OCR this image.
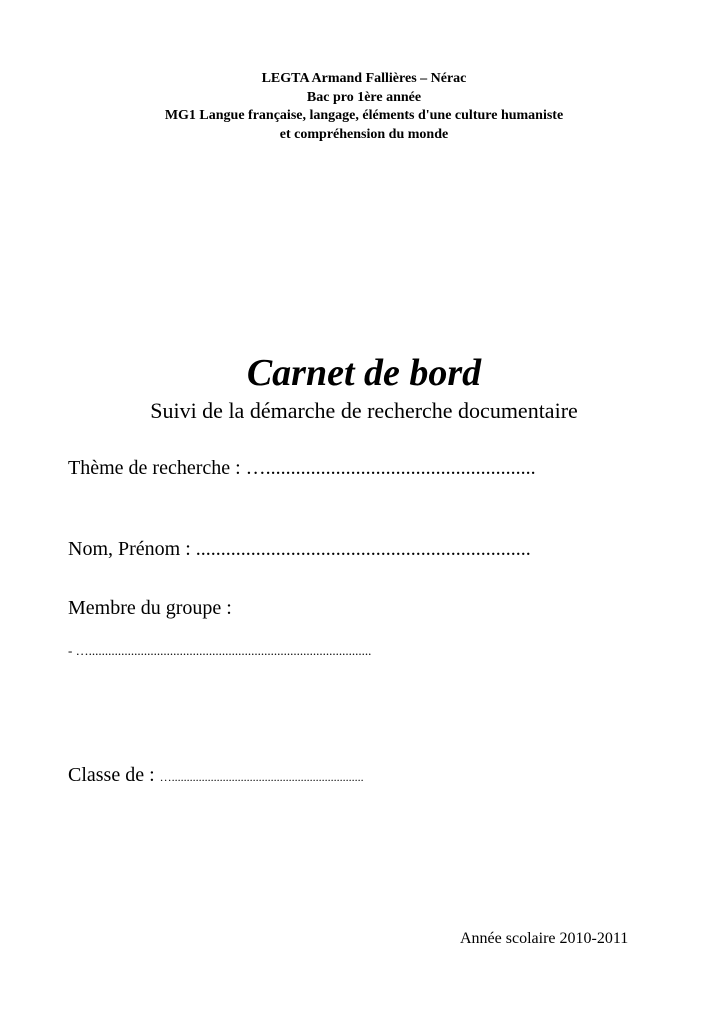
LEGTA Armand Fallières – Nérac
Bac pro 1ère année
MG1 Langue française, langage, éléments d'une culture humaniste
et compréhension du monde
Carnet de bord
Suivi de la démarche de recherche documentaire
Thème de recherche : …......................................................
Nom, Prénom : ...................................................................
Membre du groupe :
- ….......................................................................................
Classe de : …................................................................
Année scolaire 2010-2011
